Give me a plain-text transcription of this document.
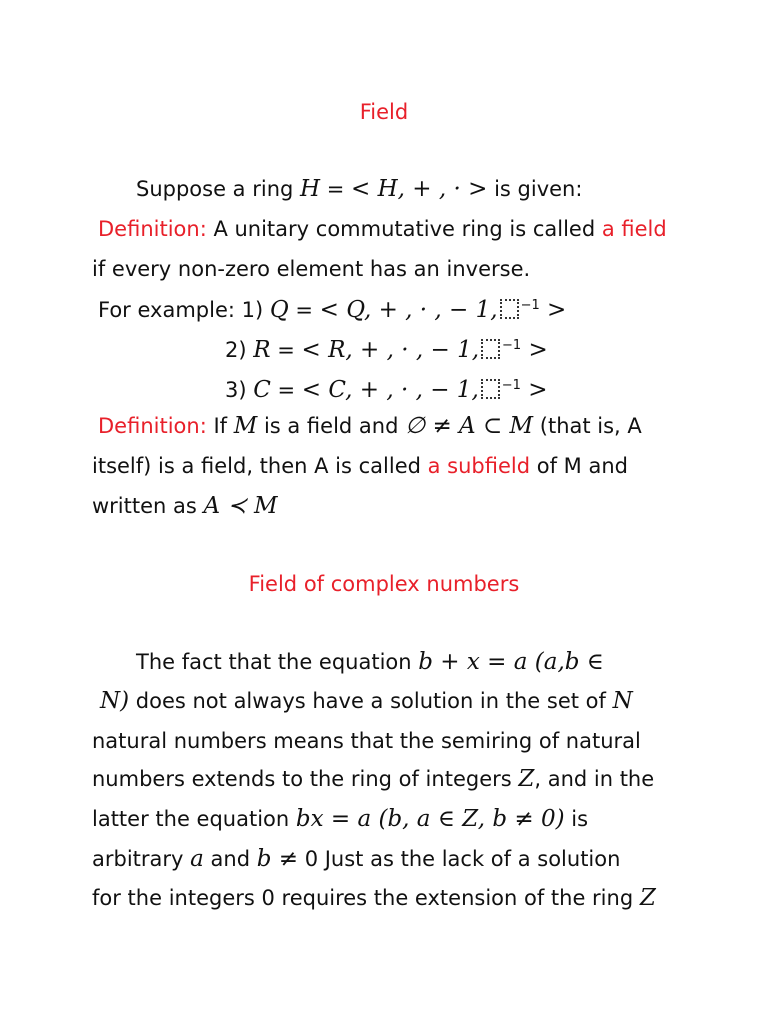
Field
Suppose a ring H = < H, + , · > is given:
Definition: A unitary commutative ring is called a field
if every non-zero element has an inverse.
For example: 1) Q = < Q, + , · , − 1, $^{-1}$ >
2) R = < R, + , · , − 1, $^{-1}$ >
3) C = < C, + , · , − 1, $^{-1}$ >
Definition: If M is a field and ∅ ≠ A ⊂ M (that is, A
itself) is a field, then A is called a subfield of M and
written as A ≺ M
Field of complex numbers
The fact that the equation b + x = a (a,b ∈
N) does not always have a solution in the set of N
natural numbers means that the semiring of natural
numbers extends to the ring of integers Z, and in the
latter the equation bx = a (b, a ∈ Z, b ≠ 0) is
arbitrary a and b ≠ 0 Just as the lack of a solution
for the integers 0 requires the extension of the ring Z
